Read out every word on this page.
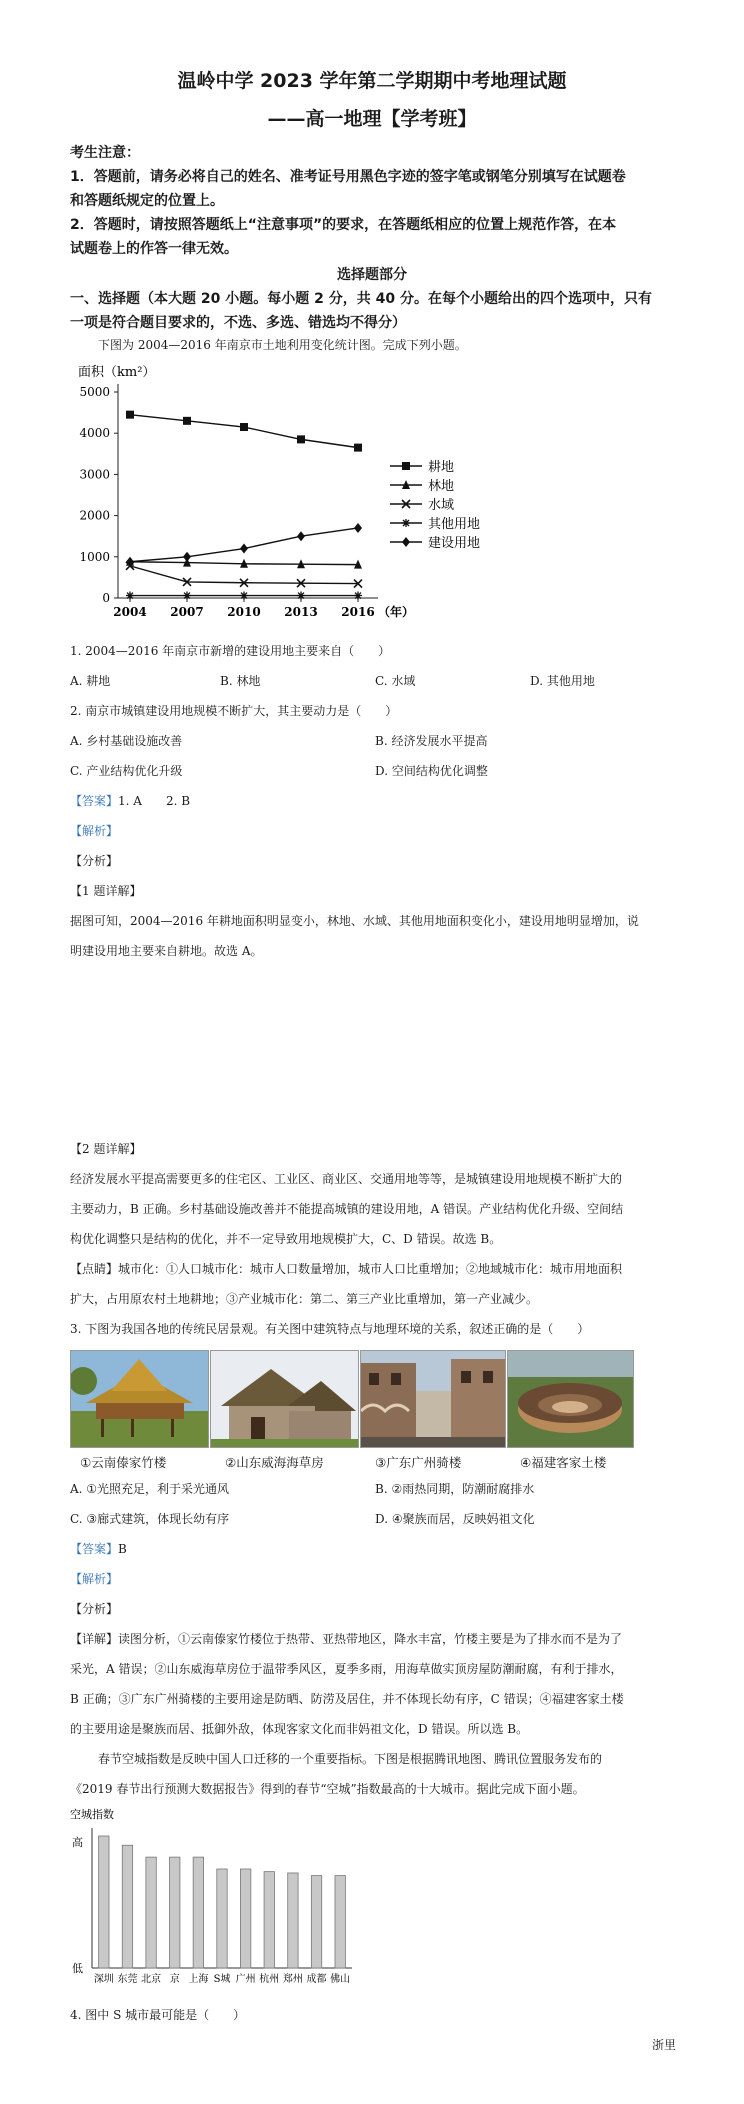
温岭中学 2023 学年第二学期期中考地理试题
——高一地理【学考班】
考生注意：
1．答题前，请务必将自己的姓名、准考证号用黑色字迹的签字笔或钢笔分别填写在试题卷
和答题纸规定的位置上。
2．答题时，请按照答题纸上“注意事项”的要求，在答题纸相应的位置上规范作答，在本
试题卷上的作答一律无效。
选择题部分
一、选择题（本大题 20 小题。每小题 2 分，共 40 分。在每个小题给出的四个选项中，只有
一项是符合题目要求的，不选、多选、错选均不得分）
下图为 2004—2016 年南京市土地利用变化统计图。完成下列小题。
面积（km²）
0
1000
2000
3000
4000
5000
2004 2007 2010 2013 2016 （年）
耕地
林地
水域
其他用地
建设用地
1. 2004—2016 年南京市新增的建设用地主要来自（　　）
A. 耕地	B. 林地	C. 水域	D. 其他用地
2. 南京市城镇建设用地规模不断扩大，其主要动力是（　　）
A. 乡村基础设施改善	B. 经济发展水平提高
C. 产业结构优化升级	D. 空间结构优化调整
【答案】1. A　　2. B
【解析】
【分析】
【1 题详解】
据图可知，2004—2016 年耕地面积明显变小，林地、水域、其他用地面积变化小，建设用地明显增加，说
明建设用地主要来自耕地。故选 A。
【2 题详解】
经济发展水平提高需要更多的住宅区、工业区、商业区、交通用地等等，是城镇建设用地规模不断扩大的
主要动力，B 正确。乡村基础设施改善并不能提高城镇的建设用地，A 错误。产业结构优化升级、空间结
构优化调整只是结构的优化，并不一定导致用地规模扩大，C、D 错误。故选 B。
【点睛】城市化：①人口城市化：城市人口数量增加，城市人口比重增加；②地域城市化：城市用地面积
扩大，占用原农村土地耕地；③产业城市化：第二、第三产业比重增加，第一产业减少。
3. 下图为我国各地的传统民居景观。有关图中建筑特点与地理环境的关系，叙述正确的是（　　）
①云南傣家竹楼	②山东威海海草房	③广东广州骑楼	④福建客家土楼
A. ①光照充足，利于采光通风	B. ②雨热同期，防潮耐腐排水
C. ③廊式建筑，体现长幼有序	D. ④聚族而居，反映妈祖文化
【答案】B
【解析】
【分析】
【详解】读图分析，①云南傣家竹楼位于热带、亚热带地区，降水丰富，竹楼主要是为了排水而不是为了
采光，A 错误；②山东威海草房位于温带季风区，夏季多雨，用海草做实顶房屋防潮耐腐，有利于排水，
B 正确；③广东广州骑楼的主要用途是防晒、防涝及居住，并不体现长幼有序，C 错误；④福建客家土楼
的主要用途是聚族而居、抵御外敌，体现客家文化而非妈祖文化，D 错误。所以选 B。
春节空城指数是反映中国人口迁移的一个重要指标。下图是根据腾讯地图、腾讯位置服务发布的
《2019 春节出行预测大数据报告》得到的春节“空城”指数最高的十大城市。据此完成下面小题。
空城指数
高
低
深圳 东莞 北京 京 上海 S城 广州 杭州 郑州 成都 佛山
4. 图中 S 城市最可能是（　　）
浙里
